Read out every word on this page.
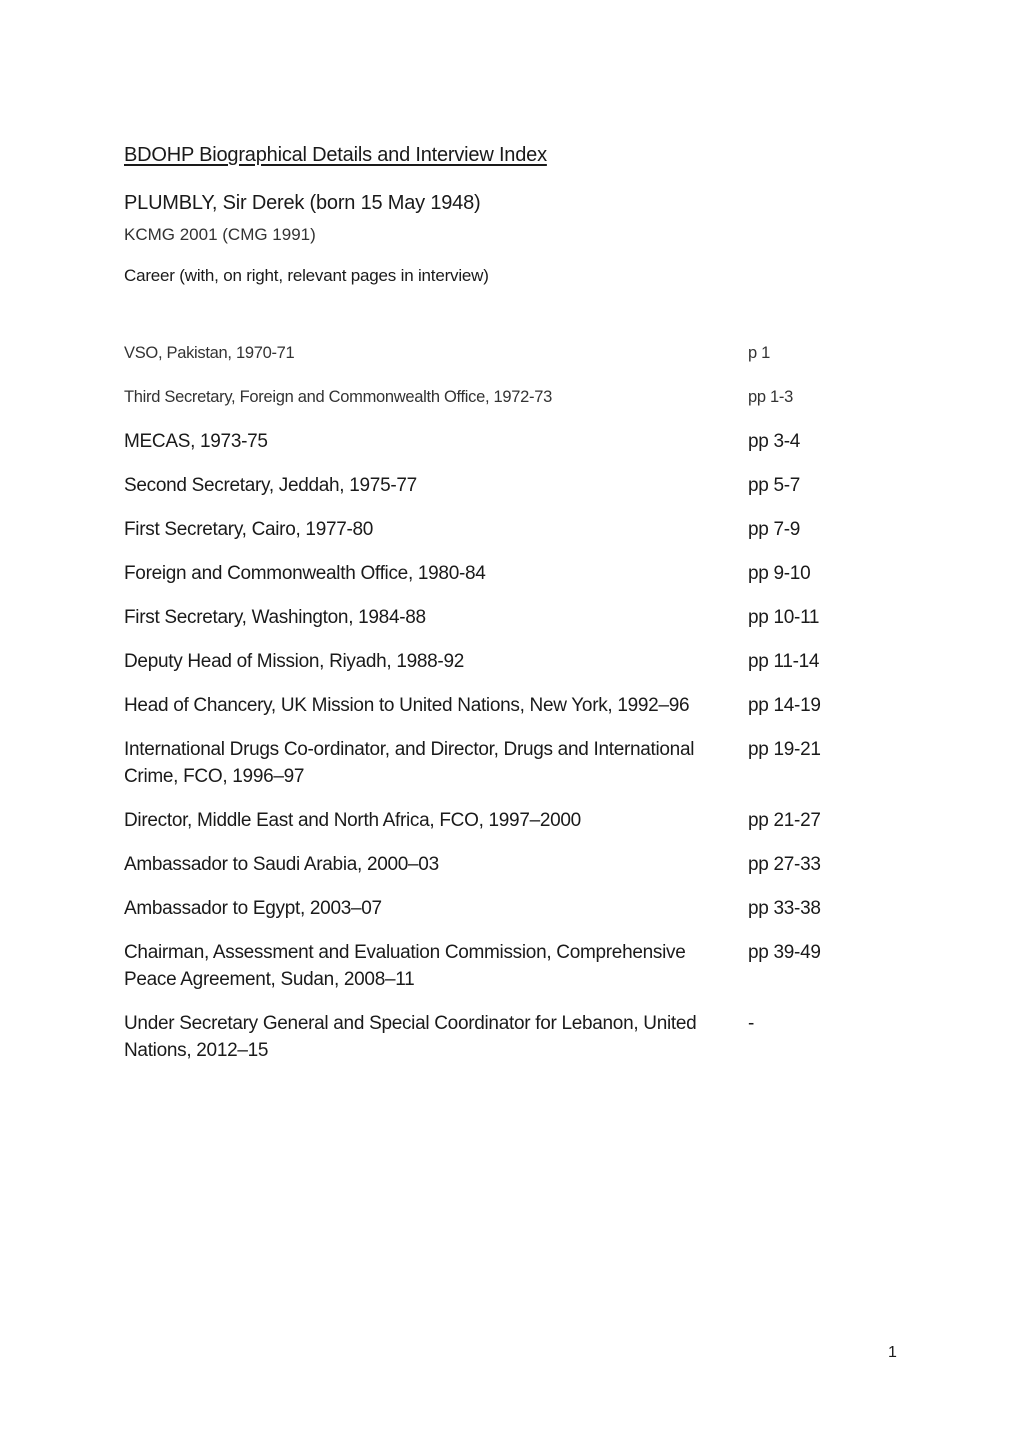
BDOHP Biographical Details and Interview Index
PLUMBLY, Sir Derek (born 15 May 1948)
KCMG 2001 (CMG 1991)
Career (with, on right, relevant pages in interview)
VSO, Pakistan, 1970-71	p 1
Third Secretary, Foreign and Commonwealth Office, 1972-73	pp 1-3
MECAS, 1973-75	pp 3-4
Second Secretary, Jeddah, 1975-77	pp 5-7
First Secretary, Cairo, 1977-80	pp 7-9
Foreign and Commonwealth Office, 1980-84	pp 9-10
First Secretary, Washington, 1984-88	pp 10-11
Deputy Head of Mission, Riyadh, 1988-92	pp 11-14
Head of Chancery, UK Mission to United Nations, New York, 1992–96	pp 14-19
International Drugs Co-ordinator, and Director, Drugs and International Crime, FCO, 1996–97	pp 19-21
Director, Middle East and North Africa, FCO, 1997–2000	pp 21-27
Ambassador to Saudi Arabia, 2000–03	pp 27-33
Ambassador to Egypt, 2003–07	pp 33-38
Chairman, Assessment and Evaluation Commission, Comprehensive Peace Agreement, Sudan, 2008–11	pp 39-49
Under Secretary General and Special Coordinator for Lebanon, United Nations, 2012–15	-
1
